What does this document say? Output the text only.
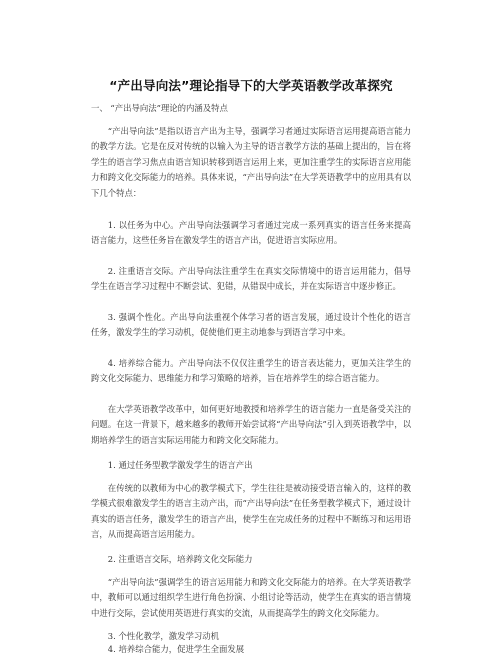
“产出导向法”理论指导下的大学英语教学改革探究
一、 “产出导向法”理论的内涵及特点
“产出导向法”是指以语言产出为主导，强调学习者通过实际语言运用提高语言能力的教学方法。它是在反对传统的以输入为主导的语言教学方法的基础上提出的，旨在将学生的语言学习焦点由语言知识转移到语言运用上来，更加注重学生的实际语言应用能力和跨文化交际能力的培养。具体来说，“产出导向法”在大学英语教学中的应用具有以下几个特点：
1. 以任务为中心。产出导向法强调学习者通过完成一系列真实的语言任务来提高语言能力，这些任务旨在激发学生的语言产出，促进语言实际应用。
2. 注重语言交际。产出导向法注重学生在真实交际情境中的语言运用能力，倡导学生在语言学习过程中不断尝试、犯错，从错误中成长，并在实际语言中逐步修正。
3. 强调个性化。产出导向法重视个体学习者的语言发展，通过设计个性化的语言任务，激发学生的学习动机，促使他们更主动地参与到语言学习中来。
4. 培养综合能力。产出导向法不仅仅注重学生的语言表达能力，更加关注学生的跨文化交际能力、思维能力和学习策略的培养，旨在培养学生的综合语言能力。
在大学英语教学改革中，如何更好地教授和培养学生的语言能力一直是备受关注的问题。在这一背景下，越来越多的教师开始尝试将“产出导向法”引入到英语教学中，以期培养学生的语言实际运用能力和跨文化交际能力。
1. 通过任务型教学激发学生的语言产出
在传统的以教师为中心的教学模式下，学生往往是被动接受语言输入的，这样的教学模式很难激发学生的语言主动产出，而“产出导向法”在任务型教学模式下，通过设计真实的语言任务，激发学生的语言产出，使学生在完成任务的过程中不断练习和运用语言，从而提高语言运用能力。
2. 注重语言交际，培养跨文化交际能力
“产出导向法”强调学生的语言运用能力和跨文化交际能力的培养。在大学英语教学中，教师可以通过组织学生进行角色扮演、小组讨论等活动，使学生在真实的语言情境中进行交际，尝试使用英语进行真实的交流，从而提高学生的跨文化交际能力。
3. 个性化教学，激发学习动机
4. 培养综合能力，促进学生全面发展
